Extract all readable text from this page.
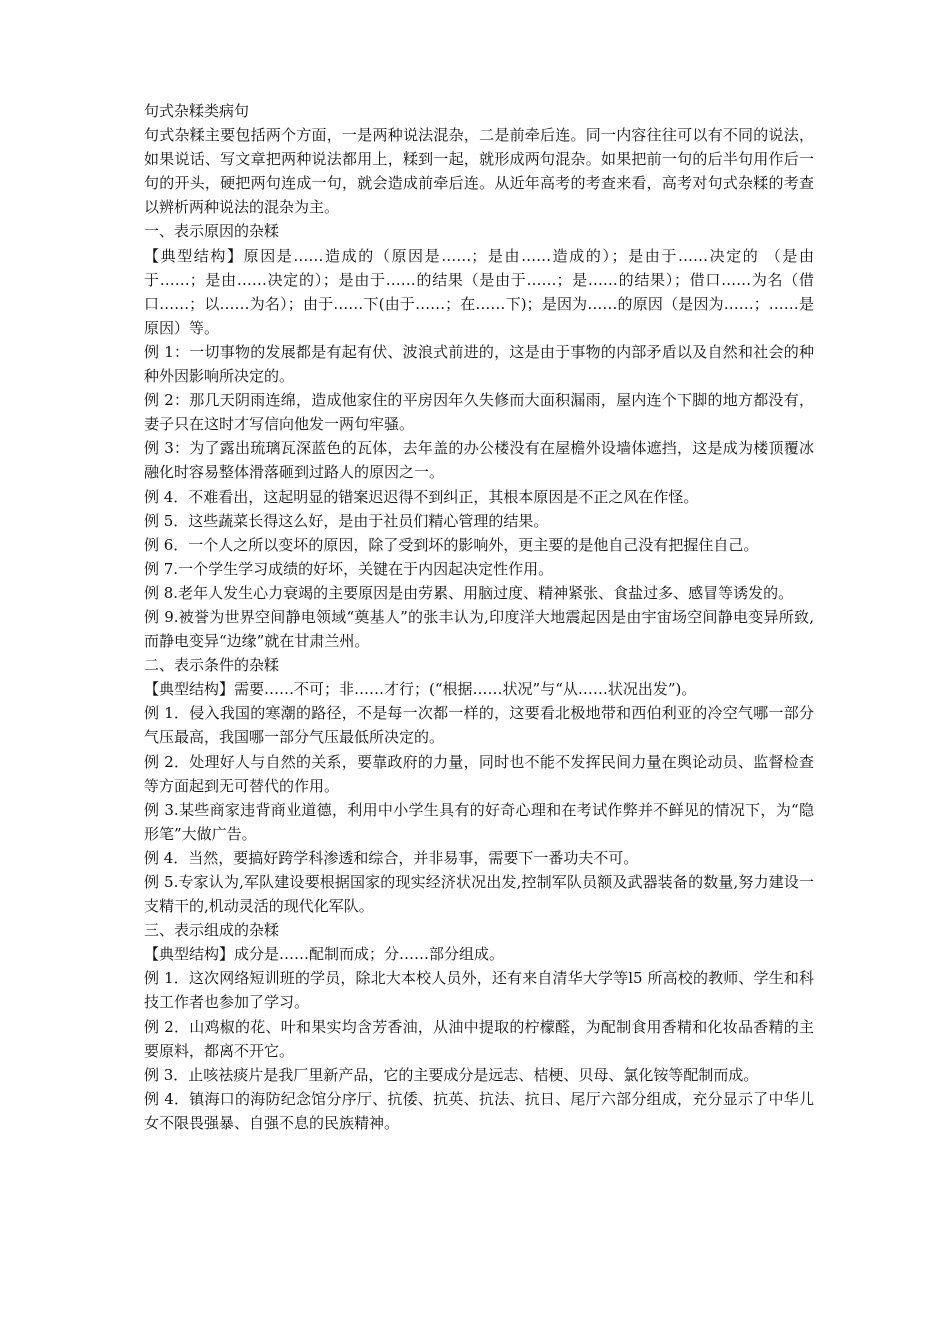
句式杂糅类病句

句式杂糅主要包括两个方面，一是两种说法混杂，二是前牵后连。同一内容往往可以有不同的说法，如果说话、写文章把两种说法都用上，糅到一起，就形成两句混杂。如果把前一句的后半句用作后一句的开头，硬把两句连成一句，就会造成前牵后连。从近年高考的考查来看，高考对句式杂糅的考查以辨析两种说法的混杂为主。

一、表示原因的杂糅

【典型结构】原因是……造成的（原因是……；是由……造成的）；是由于……决定的 （是由于……；是由……决定的）；是由于……的结果（是由于……；是……的结果）；借口……为名（借口……；以……为名）；由于……下(由于……；在……下)；是因为……的原因（是因为……；……是原因）等。

例 1：一切事物的发展都是有起有伏、波浪式前进的，这是由于事物的内部矛盾以及自然和社会的种种外因影响所决定的。

例 2：那几天阴雨连绵，造成他家住的平房因年久失修而大面积漏雨，屋内连个下脚的地方都没有，妻子只在这时才写信向他发一两句牢骚。

例 3：为了露出琉璃瓦深蓝色的瓦体，去年盖的办公楼没有在屋檐外设墙体遮挡，这是成为楼顶覆冰融化时容易整体滑落砸到过路人的原因之一。

例 4．不难看出，这起明显的错案迟迟得不到纠正，其根本原因是不正之风在作怪。

例 5．这些蔬菜长得这么好，是由于社员们精心管理的结果。

例 6．一个人之所以变坏的原因，除了受到坏的影响外，更主要的是他自己没有把握住自己。

例 7.一个学生学习成绩的好坏，关键在于内因起决定性作用。

例 8.老年人发生心力衰竭的主要原因是由劳累、用脑过度、精神紧张、食盐过多、感冒等诱发的。

例 9.被誉为世界空间静电领域“奠基人”的张丰认为,印度洋大地震起因是由宇宙场空间静电变异所致,而静电变异“边缘”就在甘肃兰州。

二、表示条件的杂糅

【典型结构】需要……不可；非……才行；(“根据……状况”与“从……状况出发”)。

例 1．侵入我国的寒潮的路径，不是每一次都一样的，这要看北极地带和西伯利亚的冷空气哪一部分气压最高，我国哪一部分气压最低所决定的。

例 2．处理好人与自然的关系，要靠政府的力量，同时也不能不发挥民间力量在舆论动员、监督检查等方面起到无可替代的作用。

例 3.某些商家违背商业道德，利用中小学生具有的好奇心理和在考试作弊并不鲜见的情况下，为“隐形笔”大做广告。

例 4．当然，要搞好跨学科渗透和综合，并非易事，需要下一番功夫不可。

例 5.专家认为,军队建设要根据国家的现实经济状况出发,控制军队员额及武器装备的数量,努力建设一支精干的,机动灵活的现代化军队。

三、表示组成的杂糅

【典型结构】成分是……配制而成；分……部分组成。

例 1．这次网络短训班的学员，除北大本校人员外，还有来自清华大学等l5 所高校的教师、学生和科技工作者也参加了学习。

例 2．山鸡椒的花、叶和果实均含芳香油，从油中提取的柠檬醛，为配制食用香精和化妆品香精的主要原料，都离不开它。

例 3．止咳祛痰片是我厂里新产品，它的主要成分是远志、桔梗、贝母、氯化铵等配制而成。

例 4．镇海口的海防纪念馆分序厅、抗倭、抗英、抗法、抗日、尾厅六部分组成，充分显示了中华儿女不限畏强暴、自强不息的民族精神。
